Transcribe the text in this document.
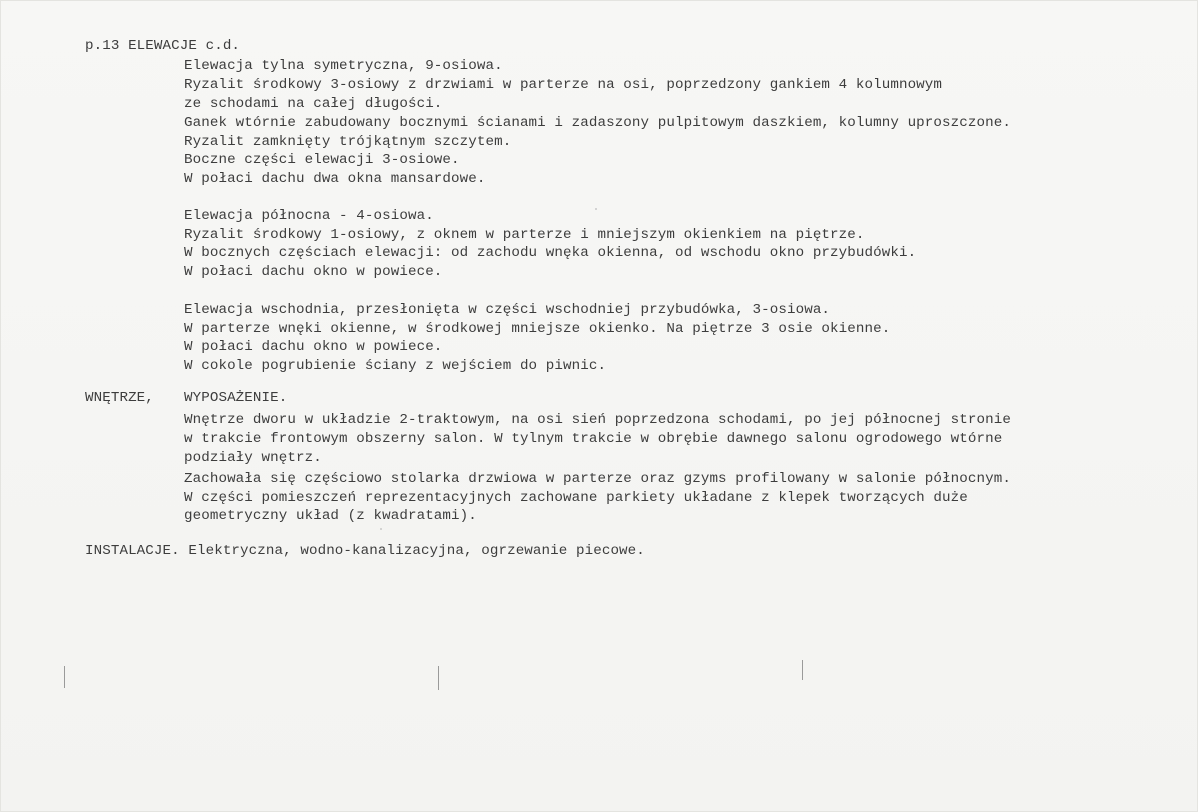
p.13 ELEWACJE c.d.
Elewacja tylna symetryczna, 9-osiowa.
Ryzalit środkowy 3-osiowy z drzwiami w parterze na osi, poprzedzony gankiem 4 kolumnowym
ze schodami na całej długości.
Ganek wtórnie zabudowany bocznymi ścianami i zadaszony pulpitowym daszkiem, kolumny uproszczone.
Ryzalit zamknięty trójkątnym szczytem.
Boczne części elewacji 3-osiowe.
W połaci dachu dwa okna mansardowe.
Elewacja północna - 4-osiowa.
Ryzalit środkowy 1-osiowy, z oknem w parterze i mniejszym okienkiem na piętrze.
W bocznych częściach elewacji: od zachodu wnęka okienna, od wschodu okno przybudówki.
W połaci dachu okno w powiece.
Elewacja wschodnia, przesłonięta w części wschodniej przybudówka, 3-osiowa.
W parterze wnęki okienne, w środkowej mniejsze okienko. Na piętrze 3 osie okienne.
W połaci dachu okno w powiece.
W cokole pogrubienie ściany z wejściem do piwnic.
WNĘTRZE, WYPOSAŻENIE.
Wnętrze dworu w układzie 2-traktowym, na osi sień poprzedzona schodami, po jej północnej stronie
w trakcie frontowym obszerny salon. W tylnym trakcie w obrębie dawnego salonu ogrodowego wtórne
podziały wnętrz.
Zachowała się częściowo stolarka drzwiowa w parterze oraz gzyms profilowany w salonie północnym.
W części pomieszczeń reprezentacyjnych zachowane parkiety układane z klepek tworzących duże
geometryczny układ (z kwadratami).
INSTALACJE. Elektryczna, wodno-kanalizacyjna, ogrzewanie piecowe.
